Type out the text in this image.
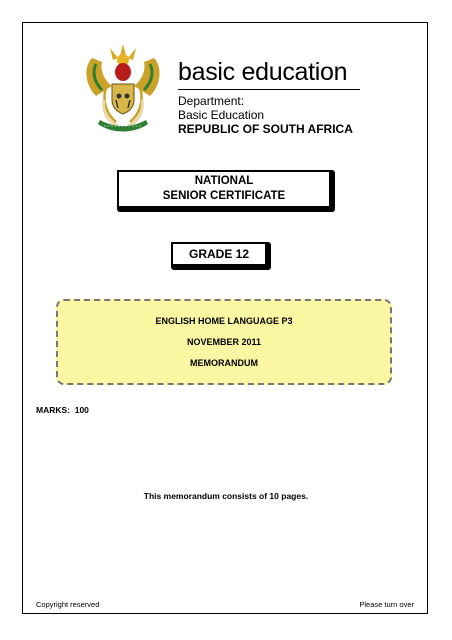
basic education
Department:
Basic Education
REPUBLIC OF SOUTH AFRICA
NATIONAL
SENIOR CERTIFICATE
GRADE 12
ENGLISH HOME LANGUAGE P3
NOVEMBER 2011
MEMORANDUM
MARKS:  100
This memorandum consists of 10 pages.
Copyright reserved	Please turn over
